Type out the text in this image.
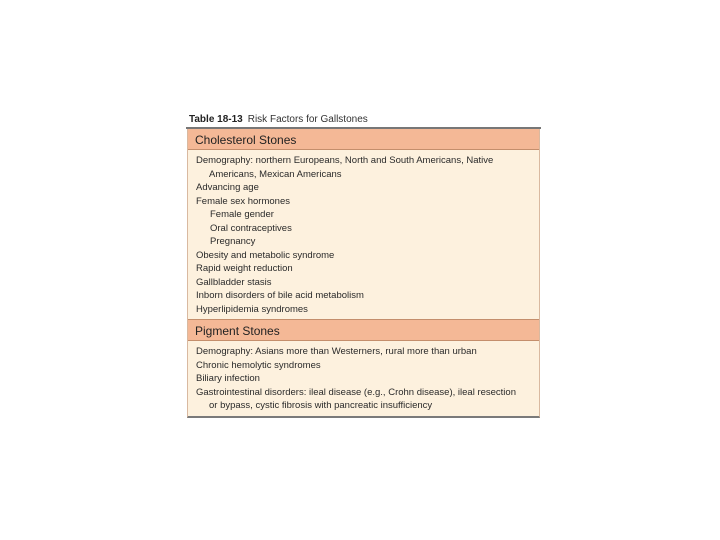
Table 18-13 Risk Factors for Gallstones
Cholesterol Stones
Demography: northern Europeans, North and South Americans, Native
Americans, Mexican Americans
Advancing age
Female sex hormones
Female gender
Oral contraceptives
Pregnancy
Obesity and metabolic syndrome
Rapid weight reduction
Gallbladder stasis
Inborn disorders of bile acid metabolism
Hyperlipidemia syndromes
Pigment Stones
Demography: Asians more than Westerners, rural more than urban
Chronic hemolytic syndromes
Biliary infection
Gastrointestinal disorders: ileal disease (e.g., Crohn disease), ileal resection
or bypass, cystic fibrosis with pancreatic insufficiency
